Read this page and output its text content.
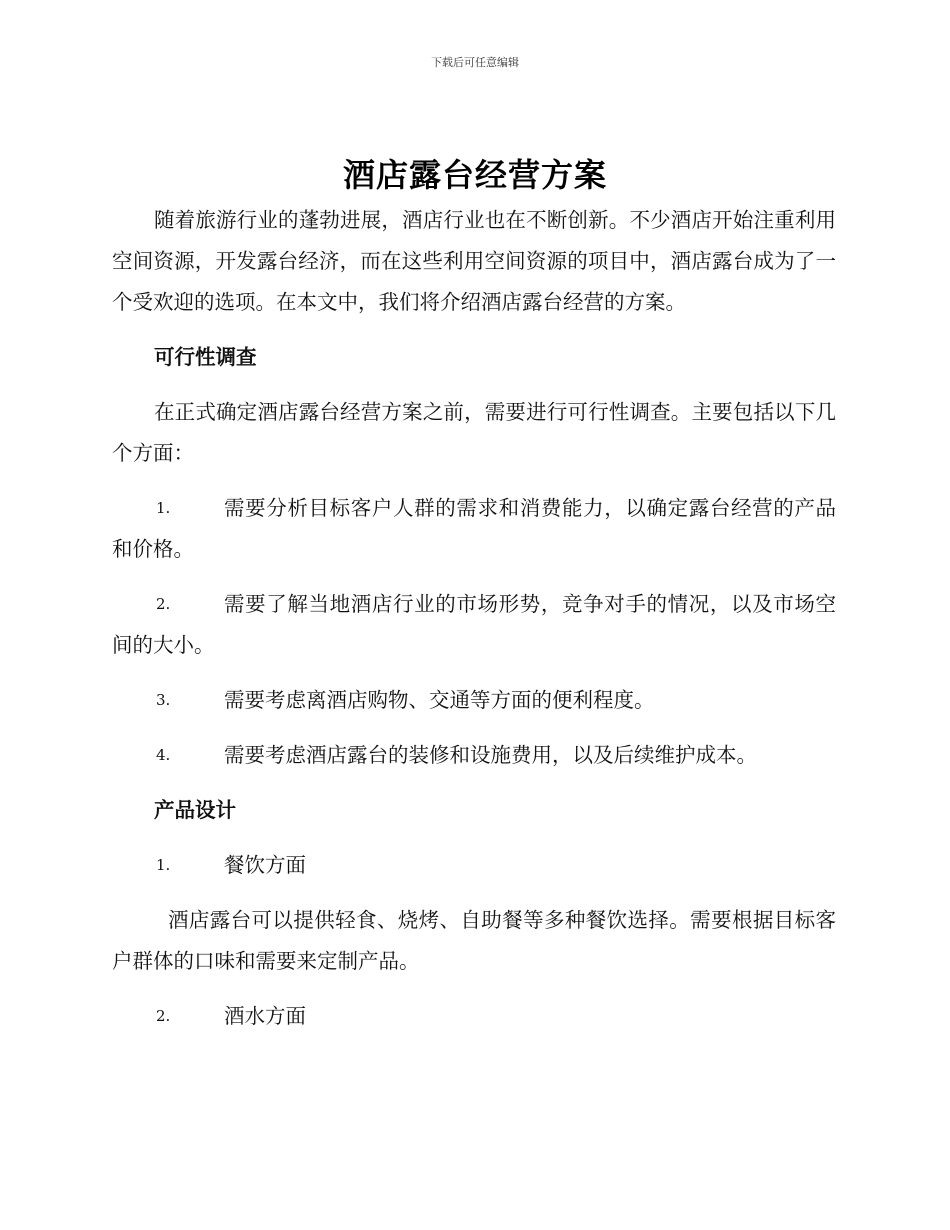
下载后可任意编辑
酒店露台经营方案

随着旅游行业的蓬勃进展，酒店行业也在不断创新。不少酒店开始注重利用空间资源，开发露台经济，而在这些利用空间资源的项目中，酒店露台成为了一个受欢迎的选项。在本文中，我们将介绍酒店露台经营的方案。

可行性调查

在正式确定酒店露台经营方案之前，需要进行可行性调查。主要包括以下几个方面：

1.	需要分析目标客户人群的需求和消费能力，以确定露台经营的产品和价格。

2.	需要了解当地酒店行业的市场形势，竞争对手的情况，以及市场空间的大小。

3.	需要考虑离酒店购物、交通等方面的便利程度。

4.	需要考虑酒店露台的装修和设施费用，以及后续维护成本。

产品设计
1.	餐饮方面

酒店露台可以提供轻食、烧烤、自助餐等多种餐饮选择。需要根据目标客户群体的口味和需要来定制产品。

2.	酒水方面
